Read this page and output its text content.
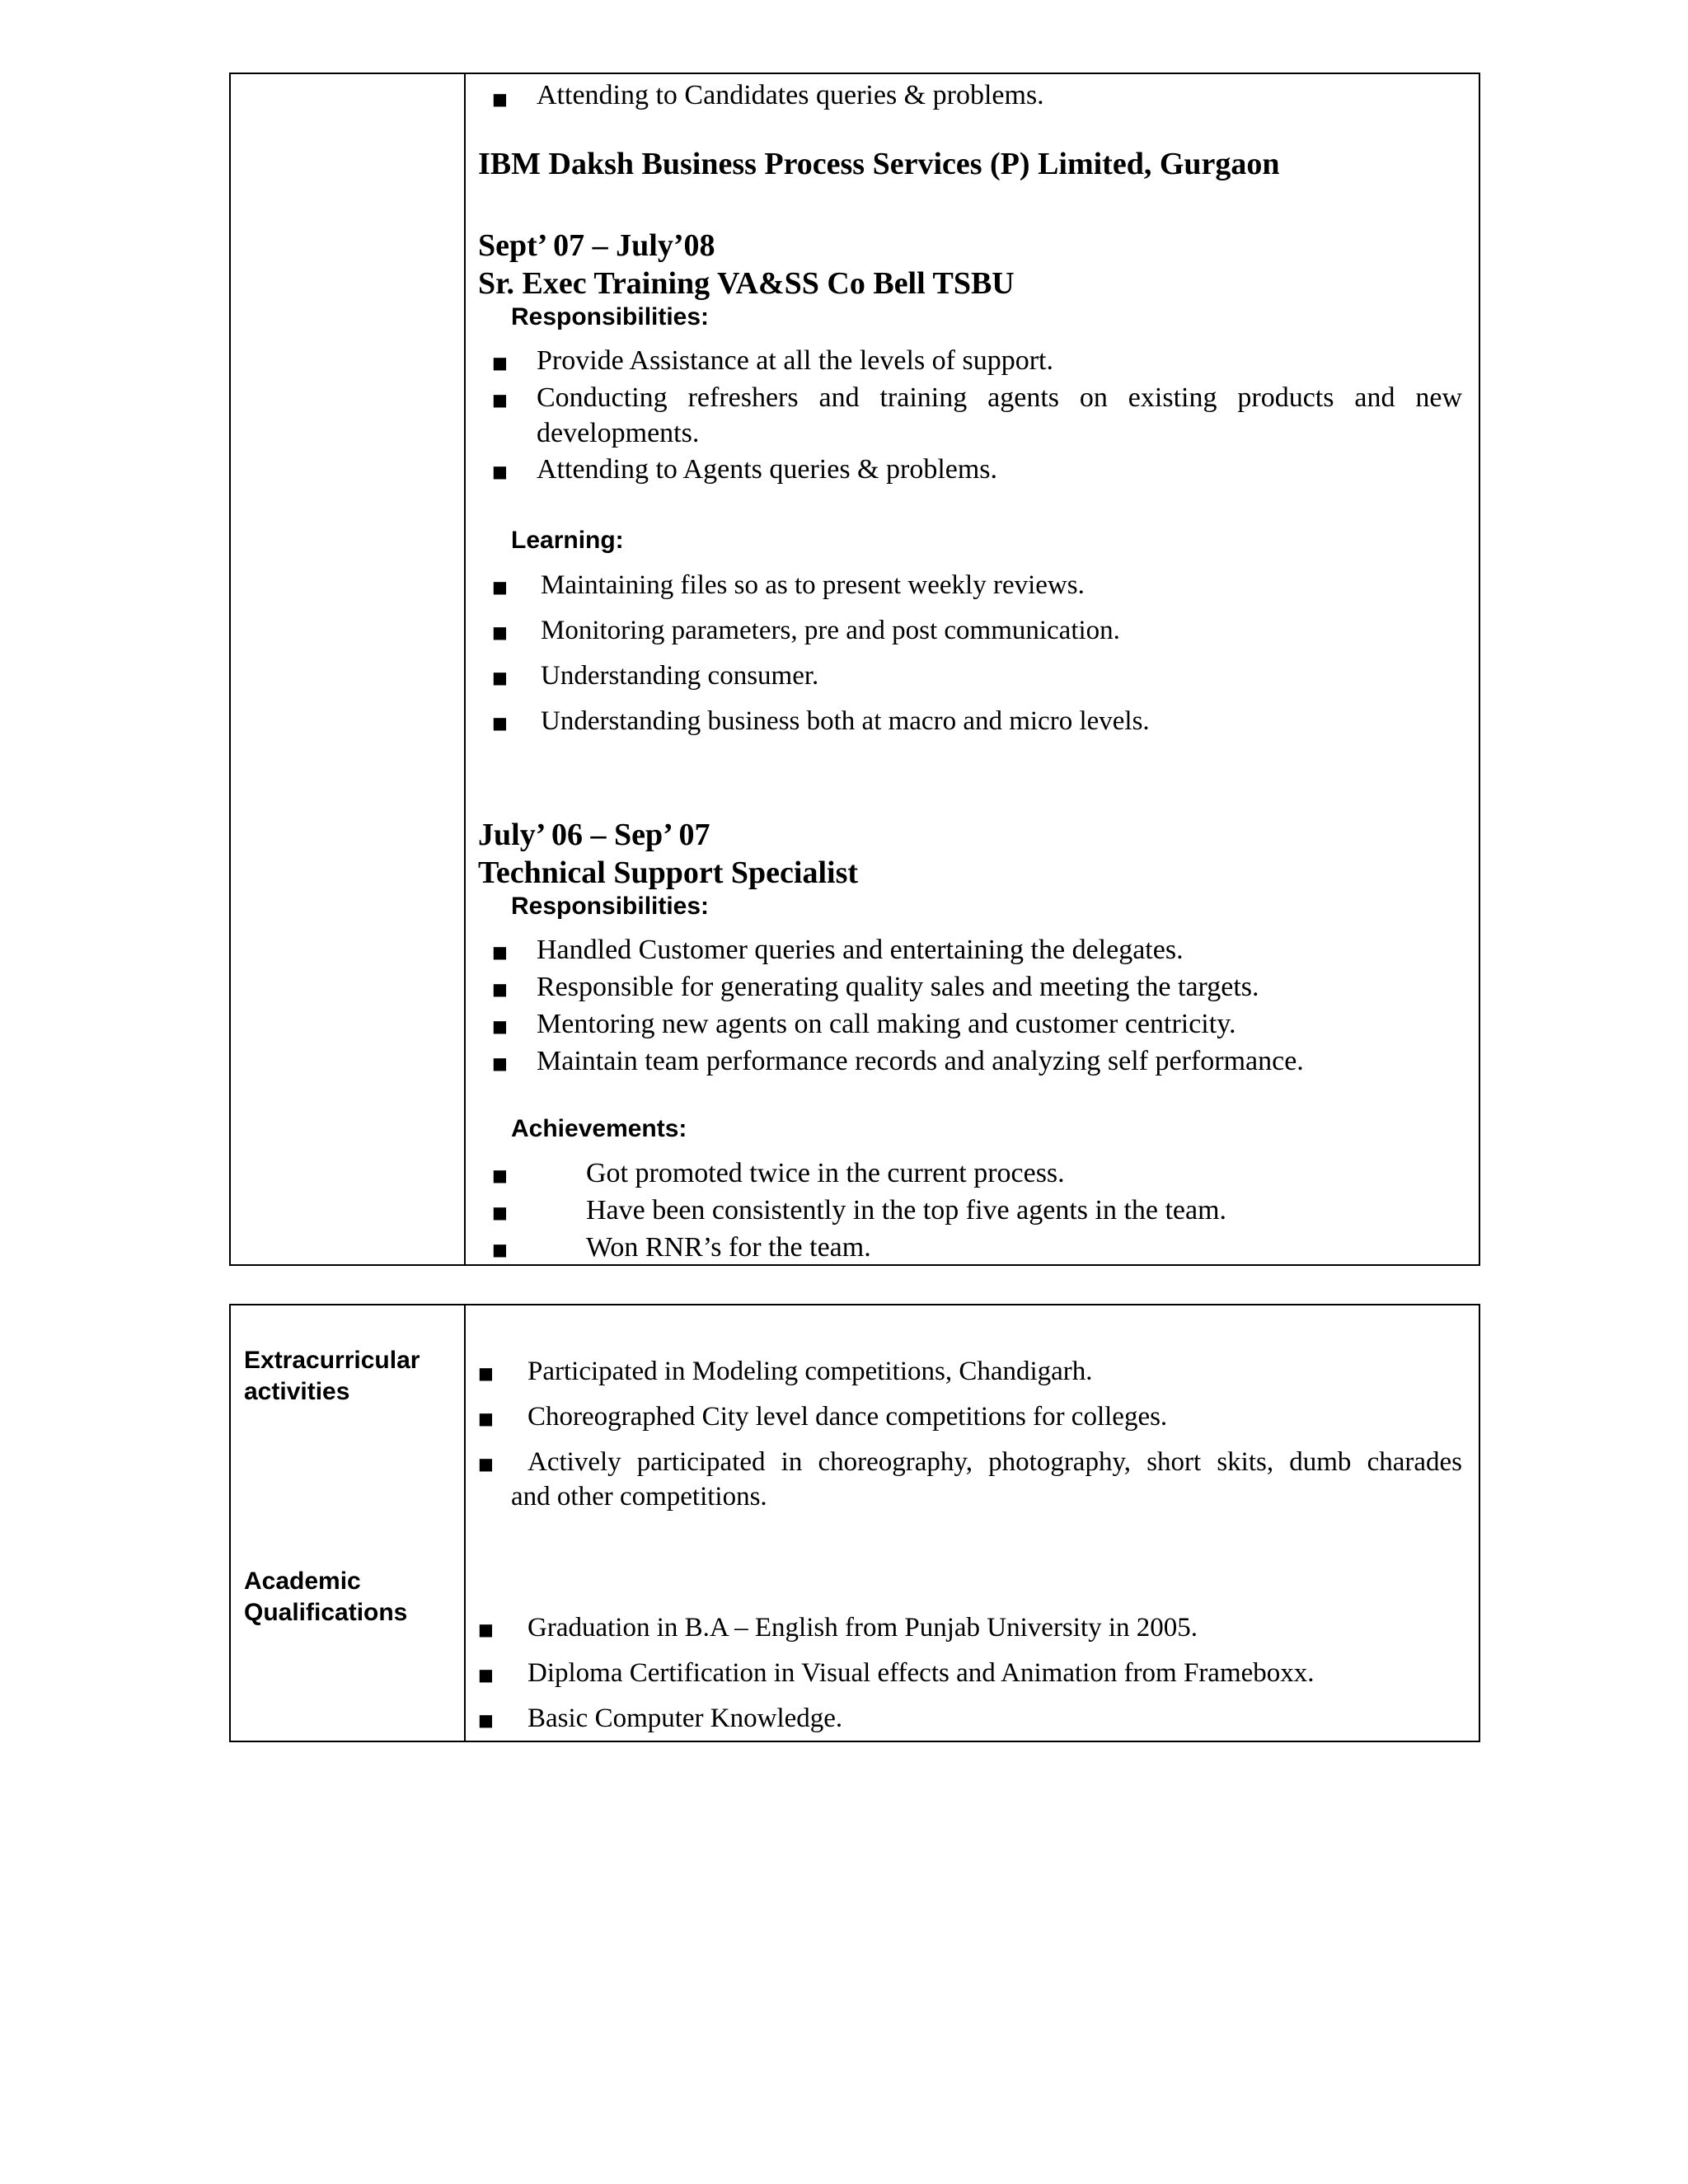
■ Attending to Candidates queries & problems.
IBM Daksh Business Process Services (P) Limited, Gurgaon
Sept’ 07 – July’08
Sr. Exec Training VA&SS Co Bell TSBU
Responsibilities:
■ Provide Assistance at all the levels of support.
■ Conducting refreshers and training agents on existing products and new
developments.
■ Attending to Agents queries & problems.
Learning:
■ Maintaining files so as to present weekly reviews.
■ Monitoring parameters, pre and post communication.
■ Understanding consumer.
■ Understanding business both at macro and micro levels.
July’ 06 – Sep’ 07
Technical Support Specialist
Responsibilities:
■ Handled Customer queries and entertaining the delegates.
■ Responsible for generating quality sales and meeting the targets.
■ Mentoring new agents on call making and customer centricity.
■ Maintain team performance records and analyzing self performance.
Achievements:
■	Got promoted twice in the current process.
■	Have been consistently in the top five agents in the team.
■	Won RNR’s for the team.
Extracurricular activities
■ Participated in Modeling competitions, Chandigarh.
■ Choreographed City level dance competitions for colleges.
■ Actively participated in choreography, photography, short skits, dumb charades
and other competitions.
Academic Qualifications
■ Graduation in B.A – English from Punjab University in 2005.
■ Diploma Certification in Visual effects and Animation from Frameboxx.
■ Basic Computer Knowledge.
